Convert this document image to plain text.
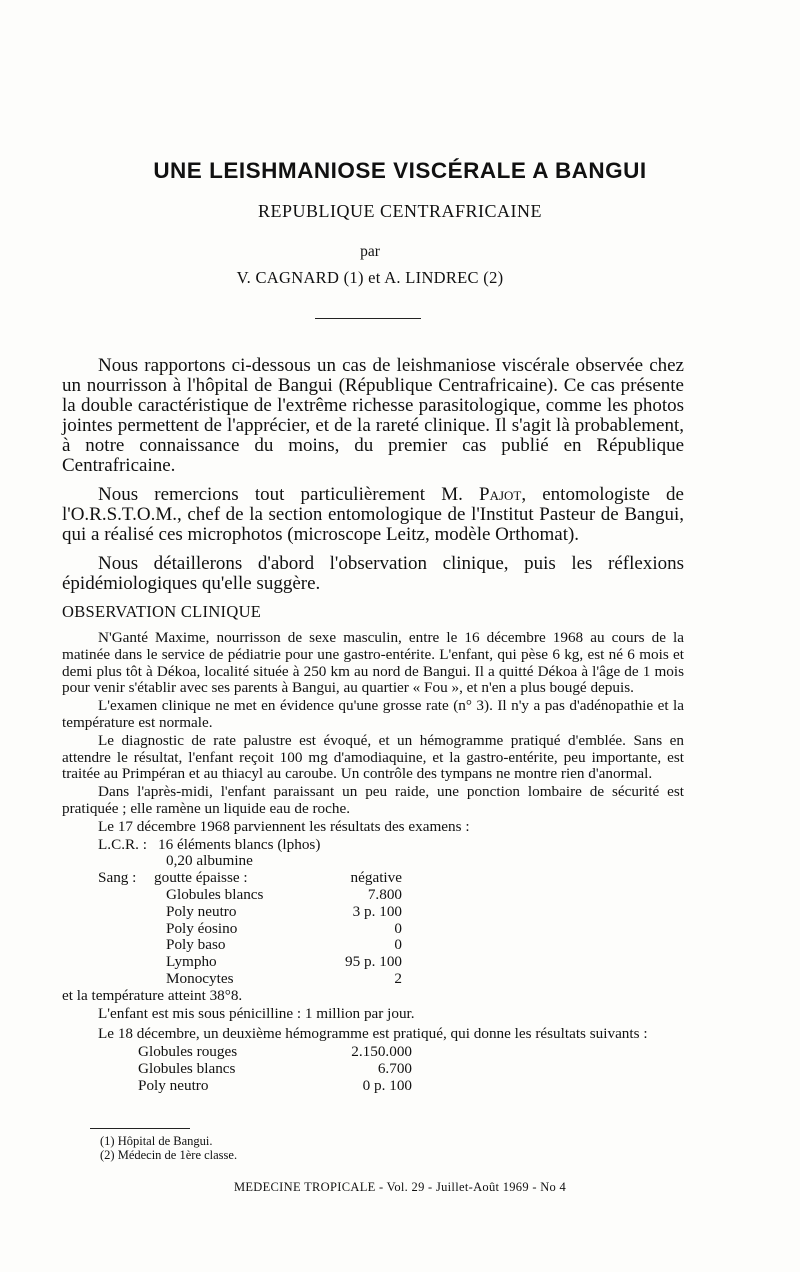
UNE LEISHMANIOSE VISCÉRALE A BANGUI
REPUBLIQUE CENTRAFRICAINE
par
V. CAGNARD (1) et A. LINDREC (2)

Nous rapportons ci-dessous un cas de leishmaniose viscérale observée chez un nourrisson à l'hôpital de Bangui (République Centrafricaine). Ce cas présente la double caractéristique de l'extrême richesse parasitologique, comme les photos jointes permettent de l'apprécier, et de la rareté clinique. Il s'agit là probablement, à notre connaissance du moins, du premier cas publié en République Centrafricaine.

Nous remercions tout particulièrement M. Pajot, entomologiste de l'O.R.S.T.O.M., chef de la section entomologique de l'Institut Pasteur de Bangui, qui a réalisé ces microphotos (microscope Leitz, modèle Orthomat).

Nous détaillerons d'abord l'observation clinique, puis les réflexions épidémiologiques qu'elle suggère.

OBSERVATION CLINIQUE

N'Ganté Maxime, nourrisson de sexe masculin, entre le 16 décembre 1968 au cours de la matinée dans le service de pédiatrie pour une gastro-entérite. L'enfant, qui pèse 6 kg, est né 6 mois et demi plus tôt à Dékoa, localité située à 250 km au nord de Bangui. Il a quitté Dékoa à l'âge de 1 mois pour venir s'établir avec ses parents à Bangui, au quartier « Fou », et n'en a plus bougé depuis.

L'examen clinique ne met en évidence qu'une grosse rate (n° 3). Il n'y a pas d'adénopathie et la température est normale.

Le diagnostic de rate palustre est évoqué, et un hémogramme pratiqué d'emblée. Sans en attendre le résultat, l'enfant reçoit 100 mg d'amodiaquine, et la gastro-entérite, peu importante, est traitée au Primpéran et au thiacyl au caroube. Un contrôle des tympans ne montre rien d'anormal.

Dans l'après-midi, l'enfant paraissant un peu raide, une ponction lombaire de sécurité est pratiquée ; elle ramène un liquide eau de roche.

Le 17 décembre 1968 parviennent les résultats des examens :

L.C.R. :	16 éléments blancs (lphos)	
	0,20 albumine	
Sang :	goutte épaisse :	négative
	Globules blancs	7.800
	Poly neutro	3 p. 100
	Poly éosino	0
	Poly baso	0
	Lympho	95 p. 100
	Monocytes	2

et la température atteint 38°8.

L'enfant est mis sous pénicilline : 1 million par jour.

Le 18 décembre, un deuxième hémogramme est pratiqué, qui donne les résultats suivants :

Globules rouges	2.150.000
Globules blancs	6.700
Poly neutro	0 p. 100
(1) Hôpital de Bangui.
(2) Médecin de 1ère classe.
MEDECINE TROPICALE - Vol. 29 - Juillet-Août 1969 - No 4
